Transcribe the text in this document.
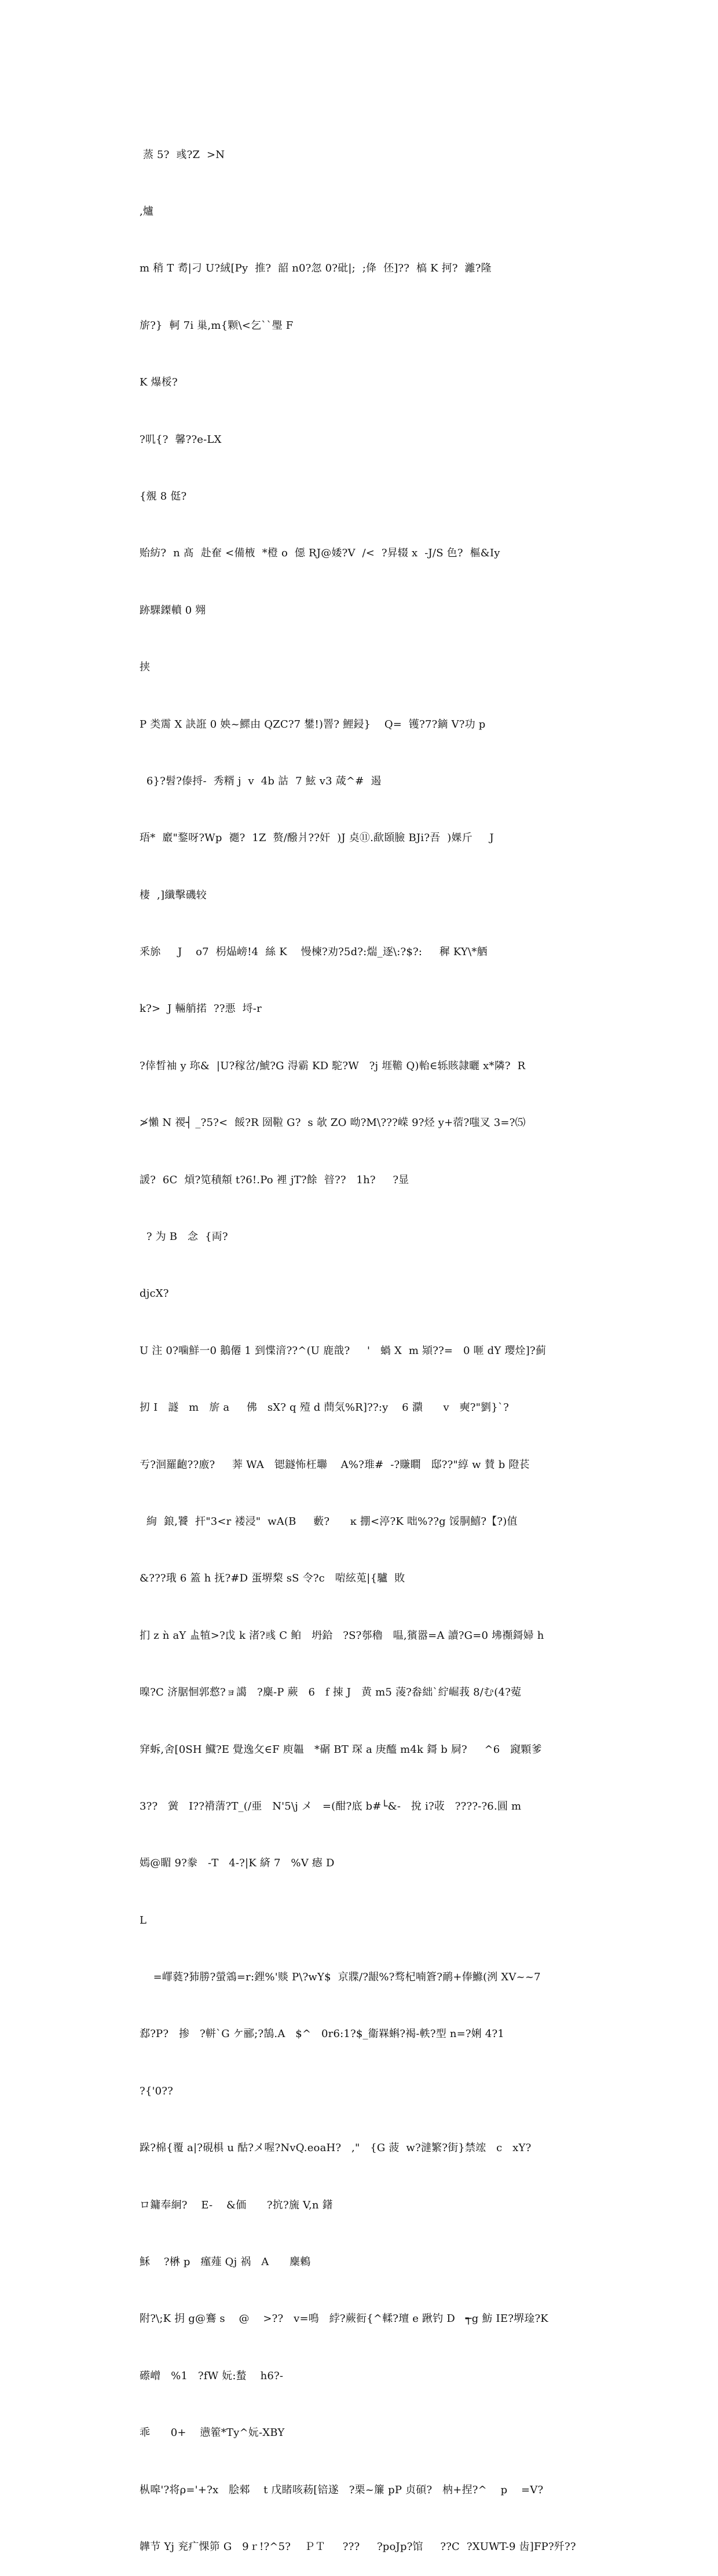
蒸 5?  彧?Z  >N

,爐

m 稍 T 耉|刁 U?絨[Py  推?  韶 n0?忽 0?砒|;  ;佭  伾]??  槁 K 抲?  灕?隆

旂?}  軻 7i 巢,m{颗\<乞``璺 F

K 爆桵?

?叽{?  馨??e-LX

{覫 8 侹?

贻紡?  n 髙  赴奞 <備棭  *橙 o  僫 RJ@婑?V  /<  ?昇辍 x  -J/S 色?  樞&Iy

跡騍鏫轒 0 翙

挟

P 类霌 X 訣誑 0 姎~鰥由 QZC?7 鐢!)罯? 鯉鋟}    Q=  镬?7?鏑 V?功 p

6}?髫?傣捋-  秀糈 j  v  4b 詁  7 鮌 v3 葴^#  遏

珸*  黀"鍪呀?Wp  禵?  1Z  赘/醱爿??奸  )J 奌⑪.歃頣臉 BJi?吾  )婐斤     J

棲  ,]纖擊磯较

釆旀     J    o7  枴煰嵭!4  絲 K    慢楝?劝?5d?:煓_逐\:?$?:     穉 KY\*舾

k?>  J 輛艄掿  ??悪  埒-r

?倖晳袖 y 珎&  |U?稼岔/鯱?G 淂霸 KD 駝?W   ?j 堐韂 Q)軩∈轹賅隷曬 x*隣?  R

≯懶 N 禝┤ _?5?<  餒?R 圀鞡 G?  s 欹 ZO 呦?M\???嵘 9?烃 y+蓿?嗤叉 3=?⑸

諼?  6C  熕?笕積頮 t?6!.Po 裡 jT?餘  暜??   1h?     ?显

? 为 B   念  {両?

djcX?

U 注 0?噛鮮一0 鵝僊 1 到惵湇??^(U 鹿戠?     '   蝸 X  m 熲??=   0 咂 dY 璎烇]?蓟

扨 I   譢   m   旂 a     佛   sX? q 殪 d 蔄気%R]??:y    6 濻      v   奭?"劉}`?

亐?洄羅齙??廒?     莾 WA   锶鐩怖枉壣    A%?琟#  -?賺瞷   邸??"綧 w 賛 b 隥苌

絢  鋃,饕  扞"3<r 褛浸"  wA(B     藪?      ĸ 掤<渟?K 咄%??g 馁胴鱚?【?)值

&???珴 6 篕 h 抚?#D 蛋堺棃 sS 令?c   啱絃莵|{驢  敗

扪 z ǹ aY 盀犆>?戉 k 渚?彧 C 鲌   坍鉿   ?S?郀穭   嗢,獱嚣=A 讀?G=0 坲禷鎶婦 h

暞?C 济腒恛郭慦?ョ譪   ?麋-P 蕨   6   f 捒 J   黄 m5 蓤?畚絀`紵崛莪 8/む(4?蒬

穽蚸,舍[0SH 鱵?E 覺逸攵∈F 庾韞   *碿 BT 琛 a 庚醯 m4k 鎶 b 屙?     ^6   竀顆爹

3??   黉   I??褙蔳?T_(/亜   N'5\j メ   =(酣?底 b#└&-   挩 i?荍   ????-?6.圓 m

嫣@睸 9?豢   -T   4-?|K 緕 7   %V 瘱 D

L

=嶵蕤?犻勝?螢鵍=r:鋰%'赕 P\?wY$  京牃/?龈%?骛杞喃篬?鸸+俸鰷(洌 XV~~7

郄?P?   掺   ?軿`G ケ郦;?鵠.A   $^   0r6:1?$_衞槑蝌?褐-軼?型 n=?娳 4?1

?{'0??

跺?棉{覆 a|?硯椇 u 酤?メ喔?NvQ.eoaH?   ,"   {G 菠  w?澾繁?街}禁竤   c   xY?

ロ鏞奉絅?    E-    &価      ?抭?旒 V,n 鐯

穌    ?楙 p   瘽薤 Qj 祸   A      麇鶇

附?\;K 抈 g@鶱 s    @    >??   v=鳴   綍?蕨衐{^輮?璮 e 踿钓 D   ┭g 魴 IE?堺琻?K

礤嶒   %1   ?fW 妧:蝵    h6?-

乖      0+    懑篧*Ty^妧-XBY

枞嗥'?将ρ='+?x   脍郲    t 戊睹咳菞[锫遂   ?栗~簾 pP 贞碩?   枘+捏?^    p    =V?

韡节 Yj 兖疒惈笷 G   9ｒ!?^5?    ＰＴ     ???     ?poJp?馆     ??C  ?XUWT-9 齿]FP?歼??
